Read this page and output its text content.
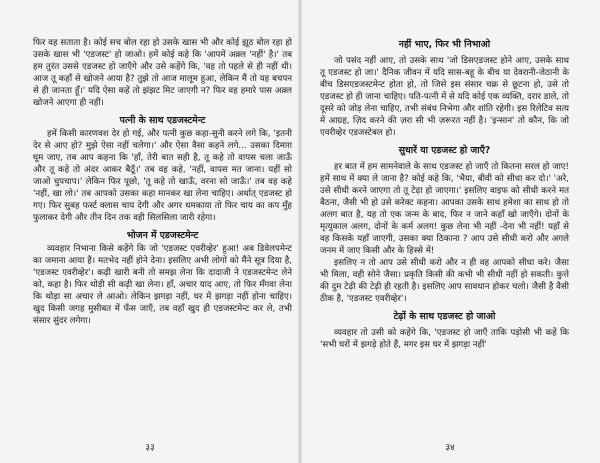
फिर वह सताता है। कोई सच बोल रहा हो उसके खास भी और कोई झूठ बोल रहा हो उसके खास भी 'एडजस्ट' हो जाओ। हमें कोई कहे कि 'आपमें अक़्ल 'नहीं' है।' तब हम तुरंत उससे एडजस्ट हो जाएँगे और उसे कहेंगे कि, 'वह तो पहले से ही नहीं थी। आज तू कहाँ से खोजने आया है? तुझे तो आज मालूम हुआ, लेकिन मैं तो यह बचपन से ही जानता हूँ।' यदि ऐसा कहें तो झंझट मिट जाएगी न? फिर वह हमारे पास अक़्ल खोजने आएगा ही नहीं।

पत्नी के साथ एडजस्टमेन्ट

हमें किसी कारणवश देर हो गई, और पत्नी कुछ कहा-सुनी करने लगे कि, 'इतनी देर से आए हो? मुझे ऐसा नहीं चलेगा।' और ऐसा वैसा कहने लगे... उसका दिमाग़ घूम जाए, तब आप कहना कि 'हाँ, तेरी बात सही है, तू कहे तो वापस चला जाऊँ और तू कहे तो अंदर आकर बैठूँ।' तब वह कहे, 'नहीं, वापस मत जाना। यहीं सो जाओ चुपचाप।' लेकिन फिर पूछो, 'तू कहे तो खाऊँ, वरना सो जाऊँ।' तब वह कहे 'नहीं, खा लो।' तब आपको उसका कहा मानकर खा लेना चाहिए। अर्थात् एडजस्ट हो गए। फिर सुबह फर्स्ट क्लास चाय देगी और अगर धमकाया तो फिर चाय का कप मुँह फुलाकर देगी और तीन दिन तक वही सिलसिला जारी रहेगा।

भोजन में एडजस्टमेन्ट

व्यवहार निभाना किसे कहेंगे कि जो 'एडजस्ट एवरीव्हेर' हुआ! अब डिवेलपमेन्ट का जमाना आया है। मतभेद नहीं होने देना। इसलिए अभी लोगों को मैंने सूत्र दिया है, 'एडजस्ट एवरीव्हेर'। कढ़ी खारी बनी तो समझ लेना कि दादाजी ने एडजस्टमेन्ट लेने को, कहा है। फिर थोड़ी सी कढ़ी खा लेना। हाँ, अचार याद आए, तो फिर मँगवा लेना कि थोड़ा सा अचार ले आओ। लेकिन झगड़ा नहीं, घर में झगड़ा नहीं होना चाहिए। खुद किसी जगह मुसीबत में फँस जाएँ, तब वहाँ खुद ही एडजस्टमेन्ट कर ले, तभी संसार सुंदर लगेगा।

३३
नहीं भाए, फिर भी निभाओ

जो पसंद नहीं आए, तो उसके साथ 'जो डिसएडजस्ट होने आए, उसके साथ तू एडजस्ट हो जा।' दैनिक जीवन में यदि सास-बहू के बीच या देवरानी-जेठानी के बीच डिसएडजस्टमेन्ट होता हो, तो जिसे इस संसार चक्र से छूटना हो, उसे तो एडजस्ट हो ही जाना चाहिए। पति-पत्नी में से यदि कोई एक व्यक्ति, दरार डाले, तो दूसरे को जोड़ लेना चाहिए, तभी संबंध निभेगा और शांति रहेगी। इस रिलेटिव सत्य में आग्रह, ज़िद करने की ज़रा सी भी ज़रूरत नहीं है। 'इन्सान' तो कौन, कि जो एवरीव्हेर एडजस्टेबल हो।

सुधारें या एडजस्ट हो जाएँ?

हर बात में हम सामनेवाले के साथ एडजस्ट हो जाएँ तो कितना सरल हो जाए! हमें साथ में क्या ले जाना है? कोई कहे कि, 'भैया, बीवी को सीधा कर दो।' 'अरे, उसे सीधी करने जाएगा तो तू टेढ़ा हो जाएगा।' इसलिए वाइफ को सीधी करने मत बैठना, जैसी भी हो उसे करेक्ट कहना। आपका उसके साथ हमेशा का साथ हो तो अलग बात है, यह तो एक जन्म के बाद, फिर न जाने कहाँ खो जाएँगे। दोनों के मृत्युकाल अलग, दोनों के कर्म अलग! कुछ लेना भी नहीं -देना भी नहीं! यहाँ से वह किसके यहाँ जाएगी, उसका क्या ठिकाना ? आप उसे सीधी करो और अगले जनम में जाए किसी और के हिस्से में!

इसलिए न तो आप उसे सीधी करो और न ही वह आपको सीधा करे। जैसा भी मिला, वही सोने जैसा। प्रकृति किसी की कभी भी सीधी नहीं हो सकती। कुत्ते की दुम टेढ़ी की टेढ़ी ही रहती है। इसलिए आप सावधान होकर चलो। जैसी है वैसी ठीक है, 'एडजस्ट एवरीव्हेर'।

टेढ़ों के साथ एडजस्ट हो जाओ

व्यवहार तो उसी को कहेंगे कि, 'एडजस्ट हो जाएँ ताकि पड़ोसी भी कहें कि 'सभी घरों में झगड़े होते हैं, मगर इस घर में झगड़ा नहीं'

३४
